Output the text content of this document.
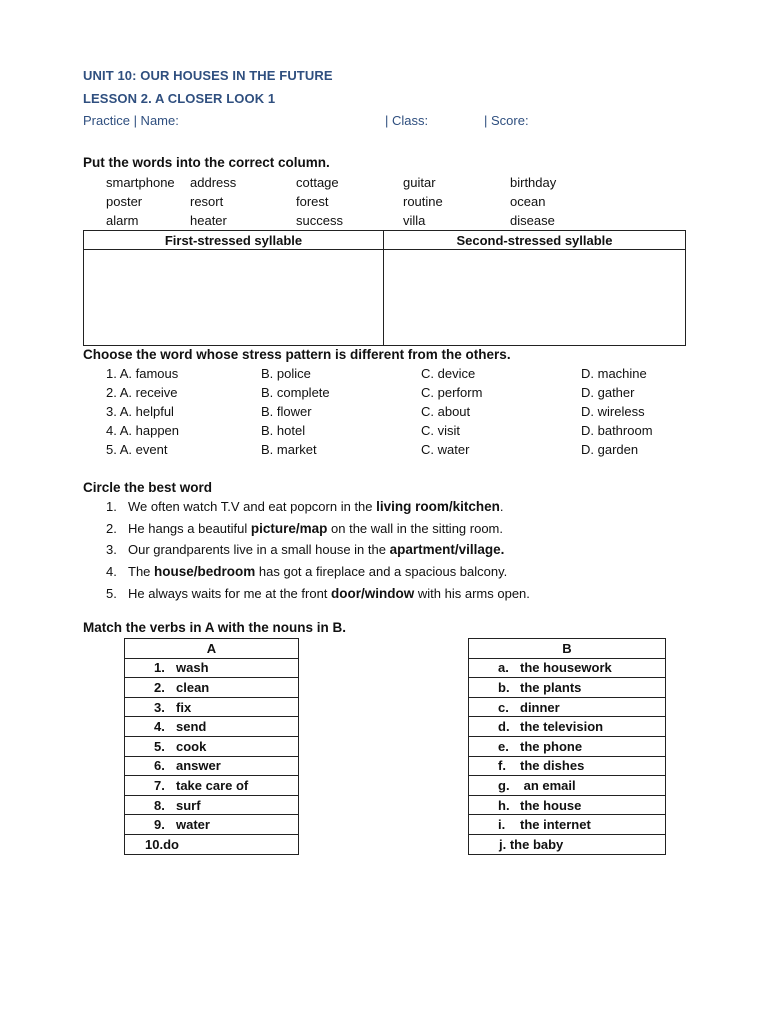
UNIT 10: OUR HOUSES IN THE FUTURE
LESSON 2. A CLOSER LOOK 1
Practice | Name:	| Class:	| Score:
Put the words into the correct column.
smartphone address	cottage	guitar	birthday
poster	resort	forest	routine	ocean
alarm	heater	success	villa	disease
First-stressed syllable	Second-stressed syllable

Choose the word whose stress pattern is different from the others.
1. A. famous	B. police	C. device	D. machine
2. A. receive	B. complete	C. perform	D. gather
3. A. helpful	B. flower	C. about	D. wireless
4. A. happen	B. hotel	C. visit	D. bathroom
5. A. event	B. market	C. water	D. garden
Circle the best word
1. We often watch T.V and eat popcorn in the living room/kitchen.
2. He hangs a beautiful picture/map on the wall in the sitting room.
3. Our grandparents live in a small house in the apartment/village.
4. The house/bedroom has got a fireplace and a spacious balcony.
5. He always waits for me at the front door/window with his arms open.
Match the verbs in A with the nouns in B.
A
1. wash
2. clean
3. fix
4. send
5. cook
6. answer
7. take care of
8. surf
9. water
10.do
B
a. the housework
b. the plants
c. dinner
d. the television
e. the phone
f. the dishes
g. an email
h. the house
i. the internet
j. the baby
